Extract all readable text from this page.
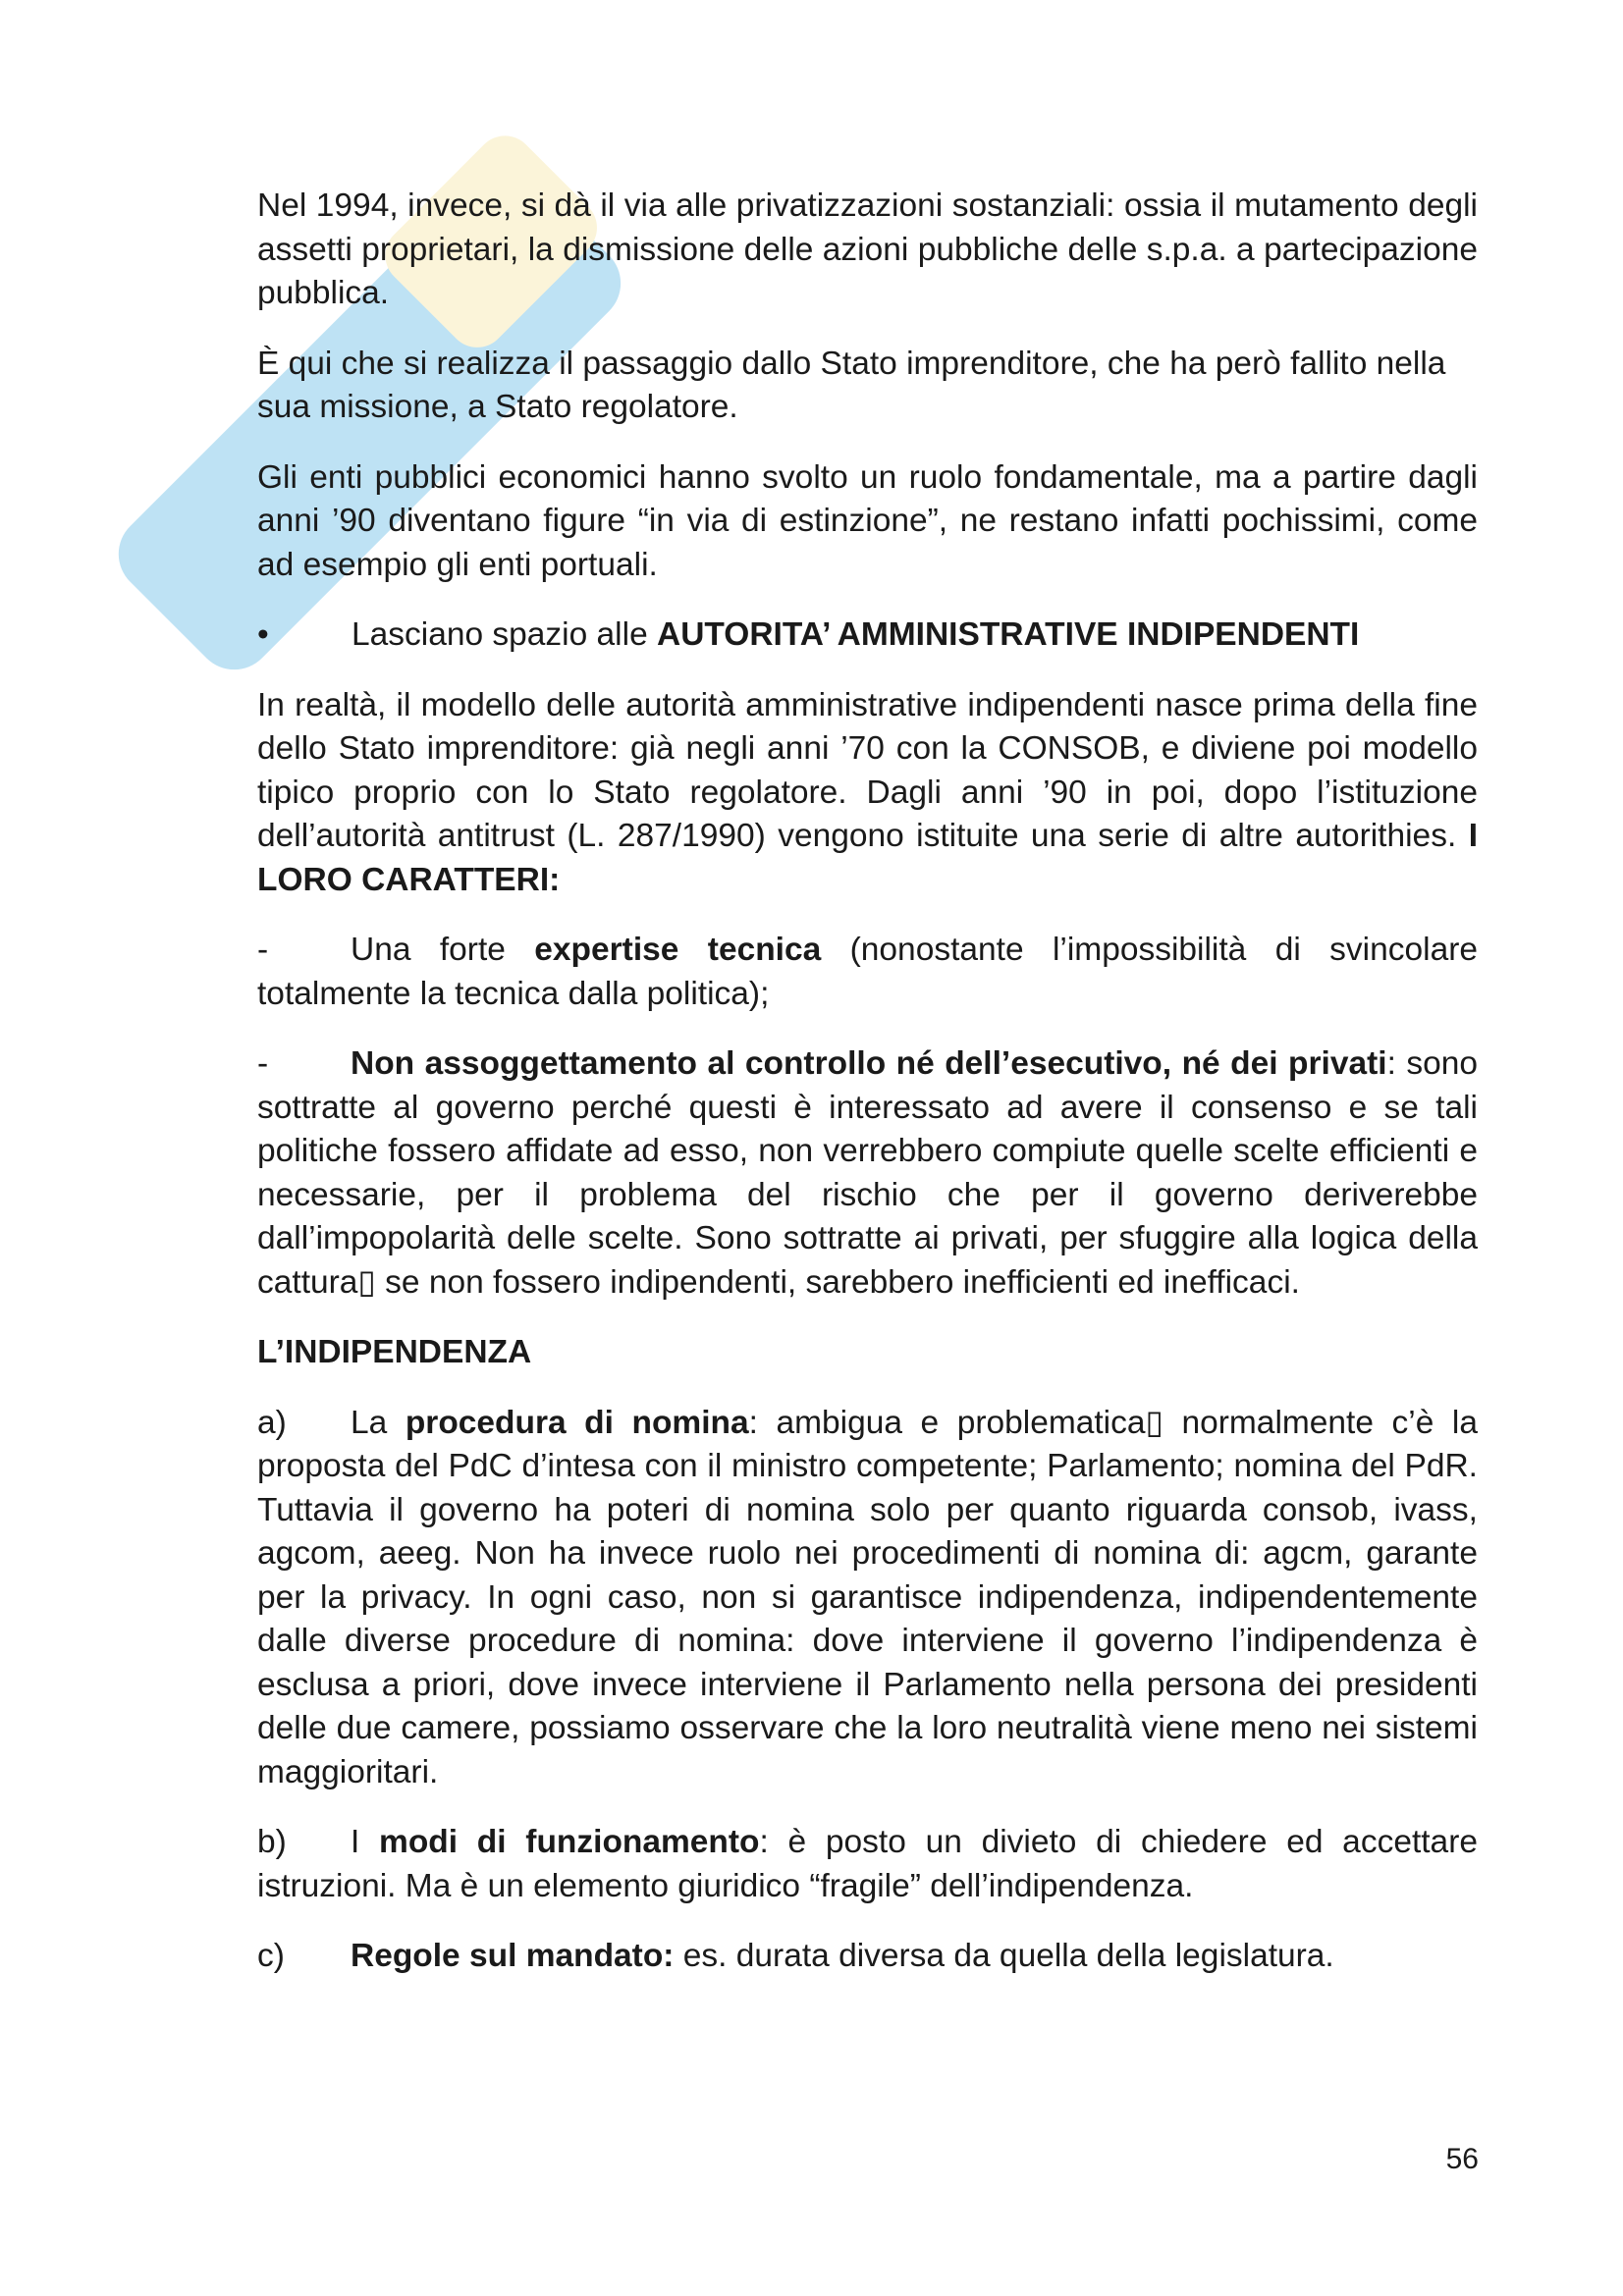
Nel 1994, invece, si dà il via alle privatizzazioni sostanziali: ossia il mutamento degli assetti proprietari, la dismissione delle azioni pubbliche delle s.p.a. a partecipazione pubblica.

È qui che si realizza il passaggio dallo Stato imprenditore, che ha però fallito nella sua missione, a Stato regolatore.

Gli enti pubblici economici hanno svolto un ruolo fondamentale, ma a partire dagli anni ’90 diventano figure “in via di estinzione”, ne restano infatti pochissimi, come ad esempio gli enti portuali.

•	Lasciano spazio alle AUTORITA’ AMMINISTRATIVE INDIPENDENTI

In realtà, il modello delle autorità amministrative indipendenti nasce prima della fine dello Stato imprenditore: già negli anni ’70 con la CONSOB, e diviene poi modello tipico proprio con lo Stato regolatore. Dagli anni ’90 in poi, dopo l’istituzione dell’autorità antitrust (L. 287/1990) vengono istituite una serie di altre autorithies. I LORO CARATTERI:

-	Una forte expertise tecnica (nonostante l’impossibilità di svincolare totalmente la tecnica dalla politica);

-	Non assoggettamento al controllo né dell’esecutivo, né dei privati: sono sottratte al governo perché questi è interessato ad avere il consenso e se tali politiche fossero affidate ad esso, non verrebbero compiute quelle scelte efficienti e necessarie, per il problema del rischio che per il governo deriverebbe dall’impopolarità delle scelte. Sono sottratte ai privati, per sfuggire alla logica della cattura▯ se non fossero indipendenti, sarebbero inefficienti ed inefficaci.

L’INDIPENDENZA

a) La procedura di nomina: ambigua e problematica▯ normalmente c’è la proposta del PdC d’intesa con il ministro competente; Parlamento; nomina del PdR. Tuttavia il governo ha poteri di nomina solo per quanto riguarda consob, ivass, agcom, aeeg. Non ha invece ruolo nei procedimenti di nomina di: agcm, garante per la privacy. In ogni caso, non si garantisce indipendenza, indipendentemente dalle diverse procedure di nomina: dove interviene il governo l’indipendenza è esclusa a priori, dove invece interviene il Parlamento nella persona dei presidenti delle due camere, possiamo osservare che la loro neutralità viene meno nei sistemi maggioritari.

b) I modi di funzionamento: è posto un divieto di chiedere ed accettare istruzioni. Ma è un elemento giuridico “fragile” dell’indipendenza.

c) Regole sul mandato: es. durata diversa da quella della legislatura.

56
